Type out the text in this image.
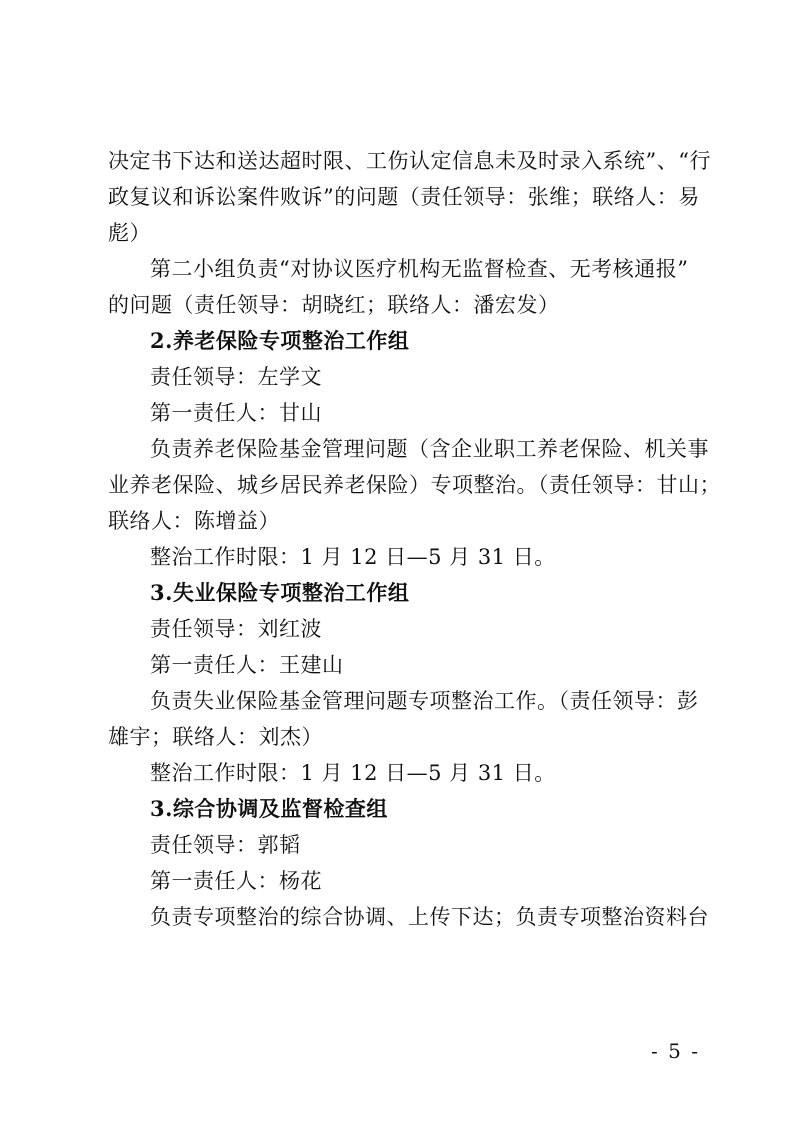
决定书下达和送达超时限、工伤认定信息未及时录入系统”、“行
政复议和诉讼案件败诉”的问题（责任领导：张维；联络人：易
彪）
第二小组负责“对协议医疗机构无监督检查、无考核通报”
的问题（责任领导：胡晓红；联络人：潘宏发）
2.养老保险专项整治工作组
责任领导：左学文
第一责任人：甘山
负责养老保险基金管理问题（含企业职工养老保险、机关事
业养老保险、城乡居民养老保险）专项整治。（责任领导：甘山；
联络人：陈增益）
整治工作时限：1 月 12 日—5 月 31 日。
3.失业保险专项整治工作组
责任领导：刘红波
第一责任人：王建山
负责失业保险基金管理问题专项整治工作。（责任领导：彭
雄宇；联络人：刘杰）
整治工作时限：1 月 12 日—5 月 31 日。
3.综合协调及监督检查组
责任领导：郭韬
第一责任人：杨花
负责专项整治的综合协调、上传下达；负责专项整治资料台
- 5 -
